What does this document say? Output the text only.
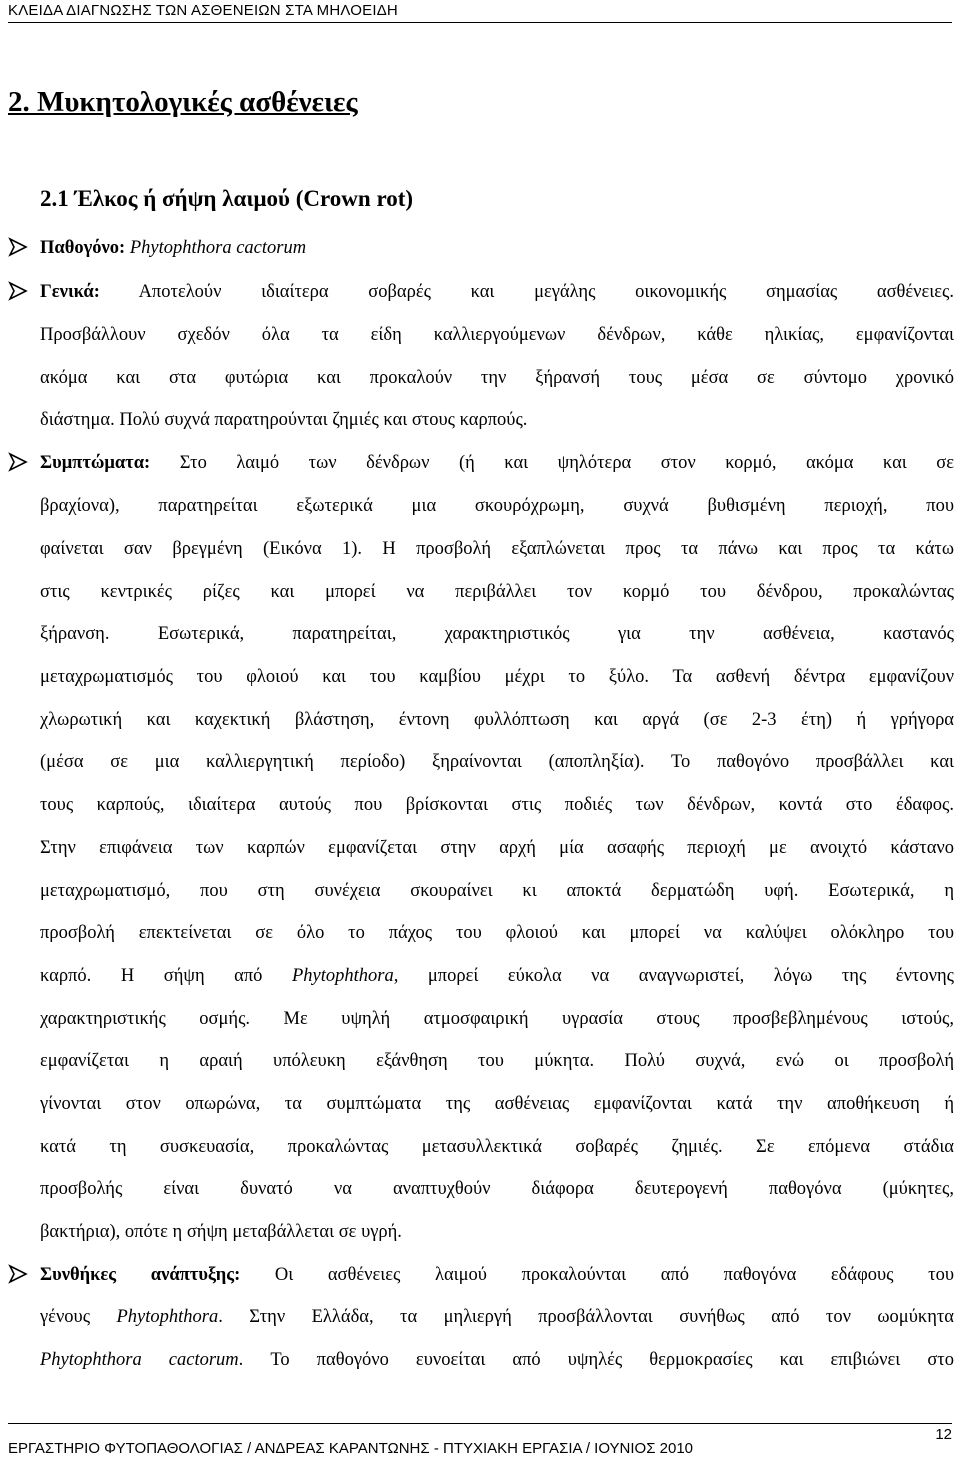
ΚΛΕΙΔΑ ΔΙΑΓΝΩΣΗΣ ΤΩΝ ΑΣΘΕΝΕΙΩΝ ΣΤΑ ΜΗΛΟΕΙΔΗ
2. Μυκητολογικές ασθένειες
2.1 Έλκος ή σήψη λαιμού (Crown rot)
Παθογόνο: Phytophthora cactorum
Γενικά: Αποτελούν ιδιαίτερα σοβαρές και μεγάλης οικονομικής σημασίας ασθένειες.
Προσβάλλουν σχεδόν όλα τα είδη καλλιεργούμενων δένδρων, κάθε ηλικίας, εμφανίζονται
ακόμα και στα φυτώρια και προκαλούν την ξήρανσή τους μέσα σε σύντομο χρονικό
διάστημα. Πολύ συχνά παρατηρούνται ζημιές και στους καρπούς.
Συμπτώματα: Στο λαιμό των δένδρων (ή και ψηλότερα στον κορμό, ακόμα και σε
βραχίονα), παρατηρείται εξωτερικά μια σκουρόχρωμη, συχνά βυθισμένη περιοχή, που
φαίνεται σαν βρεγμένη (Εικόνα 1). Η προσβολή εξαπλώνεται προς τα πάνω και προς τα κάτω
στις κεντρικές ρίζες και μπορεί να περιβάλλει τον κορμό του δένδρου, προκαλώντας
ξήρανση. Εσωτερικά, παρατηρείται, χαρακτηριστικός για την ασθένεια, καστανός
μεταχρωματισμός του φλοιού και του καμβίου μέχρι το ξύλο. Τα ασθενή δέντρα εμφανίζουν
χλωρωτική και καχεκτική βλάστηση, έντονη φυλλόπτωση και αργά (σε 2-3 έτη) ή γρήγορα
(μέσα σε μια καλλιεργητική περίοδο) ξηραίνονται (αποπληξία). Το παθογόνο προσβάλλει και
τους καρπούς, ιδιαίτερα αυτούς που βρίσκονται στις ποδιές των δένδρων, κοντά στο έδαφος.
Στην επιφάνεια των καρπών εμφανίζεται στην αρχή μία ασαφής περιοχή με ανοιχτό κάστανο
μεταχρωματισμό, που στη συνέχεια σκουραίνει κι αποκτά δερματώδη υφή. Εσωτερικά, η
προσβολή επεκτείνεται σε όλο το πάχος του φλοιού και μπορεί να καλύψει ολόκληρο του
καρπό. Η σήψη από Phytophthora, μπορεί εύκολα να αναγνωριστεί, λόγω της έντονης
χαρακτηριστικής οσμής. Με υψηλή ατμοσφαιρική υγρασία στους προσβεβλημένους ιστούς,
εμφανίζεται η αραιή υπόλευκη εξάνθηση του μύκητα. Πολύ συχνά, ενώ οι προσβολή
γίνονται στον οπωρώνα, τα συμπτώματα της ασθένειας εμφανίζονται κατά την αποθήκευση ή
κατά τη συσκευασία, προκαλώντας μετασυλλεκτικά σοβαρές ζημιές. Σε επόμενα στάδια
προσβολής είναι δυνατό να αναπτυχθούν διάφορα δευτερογενή παθογόνα (μύκητες,
βακτήρια), οπότε η σήψη μεταβάλλεται σε υγρή.
Συνθήκες ανάπτυξης: Οι ασθένειες λαιμού προκαλούνται από παθογόνα εδάφους του
γένους Phytophthora. Στην Ελλάδα, τα μηλιεργή προσβάλλονται συνήθως από τον ωομύκητα
Phytophthora cactorum. Το παθογόνο ευνοείται από υψηλές θερμοκρασίες και επιβιώνει στο
ΕΡΓΑΣΤΗΡΙΟ ΦΥΤΟΠΑΘΟΛΟΓΙΑΣ / ΑΝΔΡΕΑΣ ΚΑΡΑΝΤΩΝΗΣ - ΠΤΥΧΙΑΚΗ ΕΡΓΑΣΙΑ / ΙΟΥΝΙΟΣ 2010
12
